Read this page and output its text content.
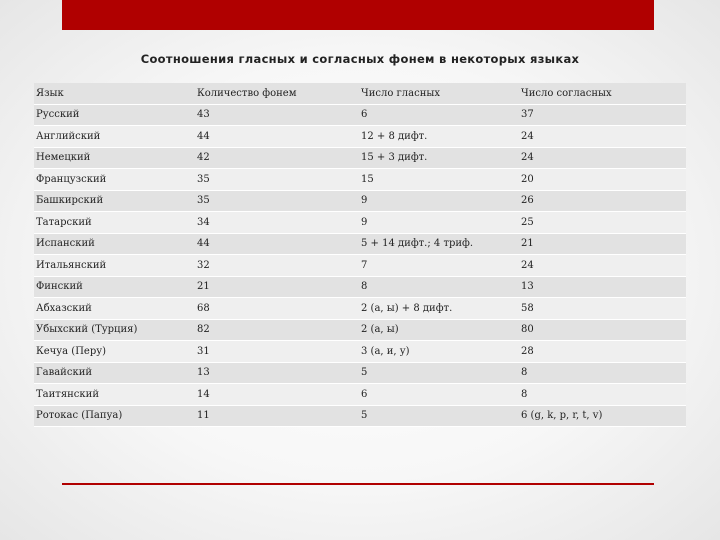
Соотношения гласных и согласных фонем в некоторых языках
Язык	Количество фонем	Число гласных	Число согласных
Русский	43	6	37
Английский	44	12 + 8 дифт.	24
Немецкий	42	15 + 3 дифт.	24
Французский	35	15	20
Башкирский	35	9	26
Татарский	34	9	25
Испанский	44	5 + 14 дифт.; 4 триф.	21
Итальянский	32	7	24
Финский	21	8	13
Абхазский	68	2 (а, ы) + 8 дифт.	58
Убыхский (Турция)	82	2 (а, ы)	80
Кечуа (Перу)	31	3 (а, и, у)	28
Гавайский	13	5	8
Таитянский	14	6	8
Ротокас (Папуа)	11	5	6 (g, k, p, r, t, v)
